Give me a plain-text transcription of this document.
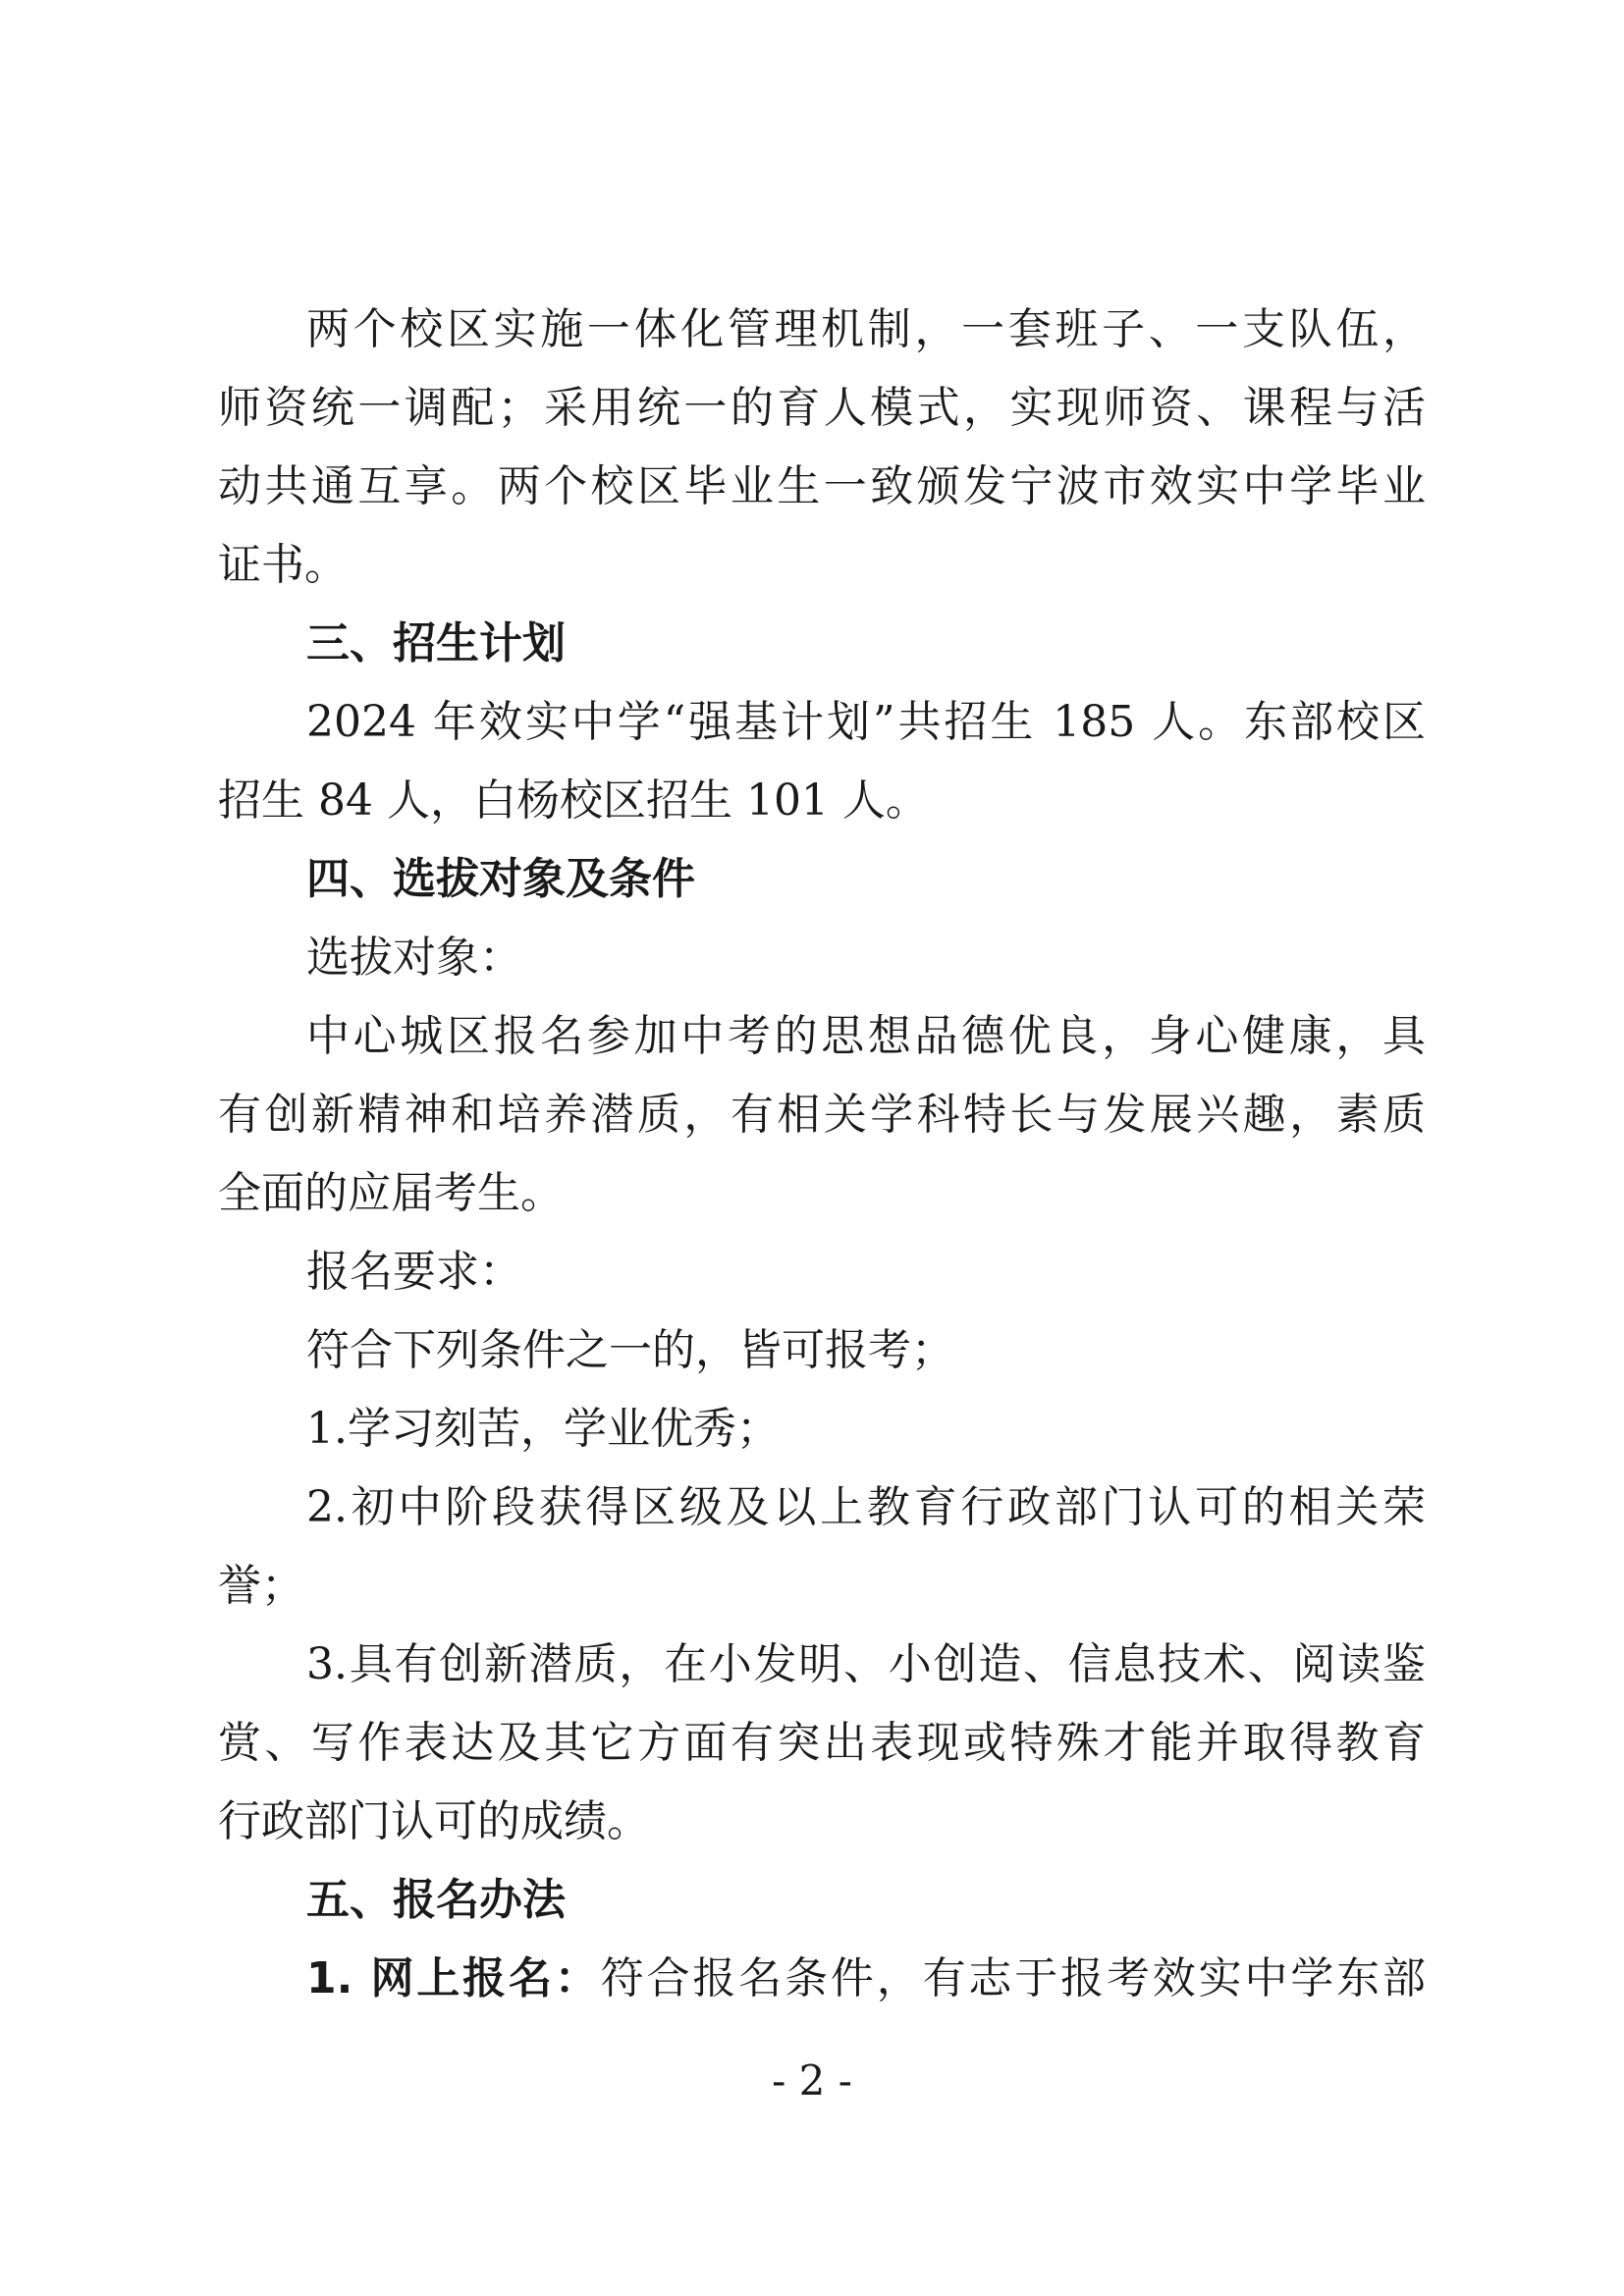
两个校区实施一体化管理机制，一套班子、一支队伍，
师资统一调配；采用统一的育人模式，实现师资、课程与活
动共通互享。两个校区毕业生一致颁发宁波市效实中学毕业
证书。
三、招生计划
2024 年效实中学“强基计划”共招生 185 人。东部校区
招生 84 人，白杨校区招生 101 人。
四、选拔对象及条件
选拔对象：
中心城区报名参加中考的思想品德优良，身心健康，具
有创新精神和培养潜质，有相关学科特长与发展兴趣，素质
全面的应届考生。
报名要求：
符合下列条件之一的，皆可报考；
1.学习刻苦，学业优秀；
2.初中阶段获得区级及以上教育行政部门认可的相关荣
誉；
3.具有创新潜质，在小发明、小创造、信息技术、阅读鉴
赏、写作表达及其它方面有突出表现或特殊才能并取得教育
行政部门认可的成绩。
五、报名办法
1. 网上报名：符合报名条件，有志于报考效实中学东部
- 2 -
